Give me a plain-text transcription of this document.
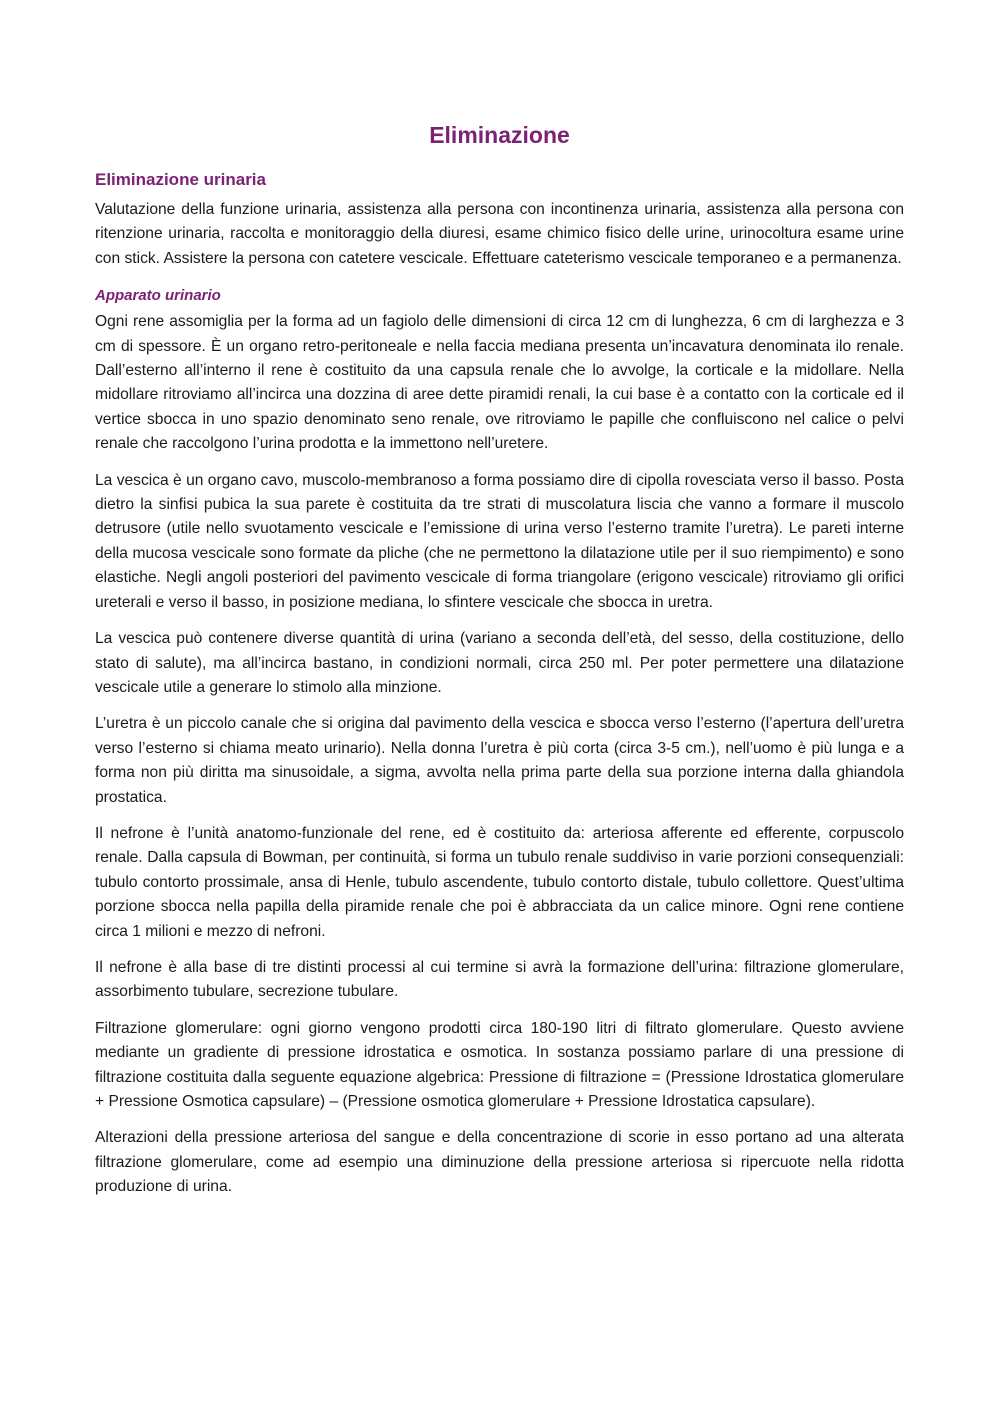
Eliminazione
Eliminazione urinaria

Valutazione della funzione urinaria, assistenza alla persona con incontinenza urinaria, assistenza alla persona con ritenzione urinaria, raccolta e monitoraggio della diuresi, esame chimico fisico delle urine, urinocoltura esame urine con stick. Assistere la persona con catetere vescicale. Effettuare cateterismo vescicale temporaneo e a permanenza.

Apparato urinario

Ogni rene assomiglia per la forma ad un fagiolo delle dimensioni di circa 12 cm di lunghezza, 6 cm di larghezza e 3 cm di spessore. È un organo retro-peritoneale e nella faccia mediana presenta un’incavatura denominata ilo renale. Dall’esterno all’interno il rene è costituito da una capsula renale che lo avvolge, la corticale e la midollare. Nella midollare ritroviamo all’incirca una dozzina di aree dette piramidi renali, la cui base è a contatto con la corticale ed il vertice sbocca in uno spazio denominato seno renale, ove ritroviamo le papille che confluiscono nel calice o pelvi renale che raccolgono l’urina prodotta e la immettono nell’uretere.

La vescica è un organo cavo, muscolo-membranoso a forma possiamo dire di cipolla rovesciata verso il basso. Posta dietro la sinfisi pubica la sua parete è costituita da tre strati di muscolatura liscia che vanno a formare il muscolo detrusore (utile nello svuotamento vescicale e l’emissione di urina verso l’esterno tramite l’uretra). Le pareti interne della mucosa vescicale sono formate da pliche (che ne permettono la dilatazione utile per il suo riempimento) e sono elastiche. Negli angoli posteriori del pavimento vescicale di forma triangolare (erigono vescicale) ritroviamo gli orifici ureterali e verso il basso, in posizione mediana, lo sfintere vescicale che sbocca in uretra.

La vescica può contenere diverse quantità di urina (variano a seconda dell’età, del sesso, della costituzione, dello stato di salute), ma all’incirca bastano, in condizioni normali, circa 250 ml. Per poter permettere una dilatazione vescicale utile a generare lo stimolo alla minzione.

L’uretra è un piccolo canale che si origina dal pavimento della vescica e sbocca verso l’esterno (l’apertura dell’uretra verso l’esterno si chiama meato urinario). Nella donna l’uretra è più corta (circa 3-5 cm.), nell’uomo è più lunga e a forma non più diritta ma sinusoidale, a sigma, avvolta nella prima parte della sua porzione interna dalla ghiandola prostatica.

Il nefrone è l’unità anatomo-funzionale del rene, ed è costituito da: arteriosa afferente ed efferente, corpuscolo renale. Dalla capsula di Bowman, per continuità, si forma un tubulo renale suddiviso in varie porzioni consequenziali: tubulo contorto prossimale, ansa di Henle, tubulo ascendente, tubulo contorto distale, tubulo collettore. Quest’ultima porzione sbocca nella papilla della piramide renale che poi è abbracciata da un calice minore. Ogni rene contiene circa 1 milioni e mezzo di nefroni.

Il nefrone è alla base di tre distinti processi al cui termine si avrà la formazione dell’urina: filtrazione glomerulare, assorbimento tubulare, secrezione tubulare.

Filtrazione glomerulare: ogni giorno vengono prodotti circa 180-190 litri di filtrato glomerulare. Questo avviene mediante un gradiente di pressione idrostatica e osmotica. In sostanza possiamo parlare di una pressione di filtrazione costituita dalla seguente equazione algebrica: Pressione di filtrazione = (Pressione Idrostatica glomerulare + Pressione Osmotica capsulare) – (Pressione osmotica glomerulare + Pressione Idrostatica capsulare).

Alterazioni della pressione arteriosa del sangue e della concentrazione di scorie in esso portano ad una alterata filtrazione glomerulare, come ad esempio una diminuzione della pressione arteriosa si ripercuote nella ridotta produzione di urina.
